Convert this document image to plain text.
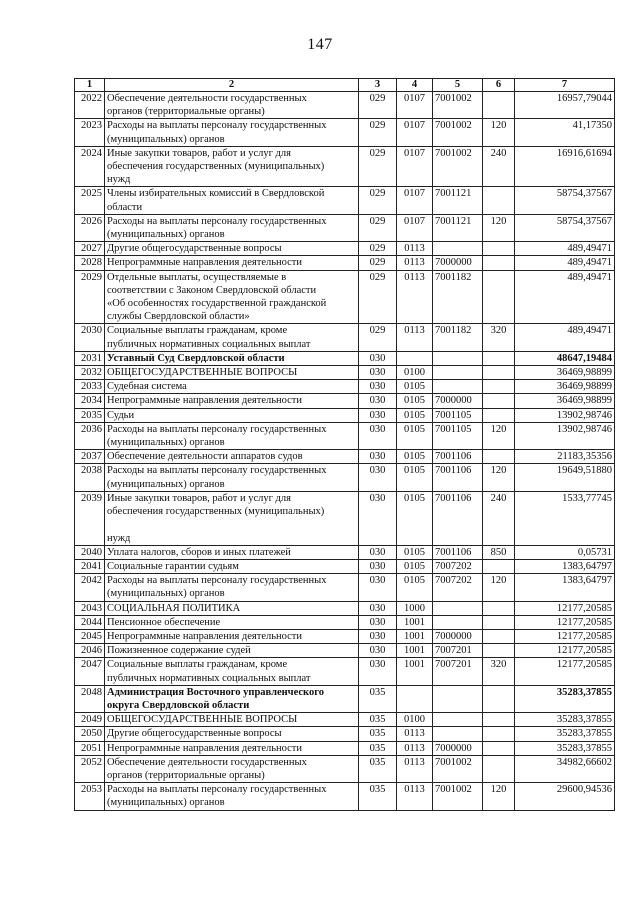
147
1	2	3	4	5	6	7
2022	Обеспечение деятельности государственных
органов (территориальные органы)	029	0107	7001002		16957,79044
2023	Расходы на выплаты персоналу государственных
(муниципальных) органов	029	0107	7001002	120	41,17350
2024	Иные закупки товаров, работ и услуг для
обеспечения государственных (муниципальных)
нужд	029	0107	7001002	240	16916,61694
2025	Члены избирательных комиссий в Свердловской
области	029	0107	7001121		58754,37567
2026	Расходы на выплаты персоналу государственных
(муниципальных) органов	029	0107	7001121	120	58754,37567
2027	Другие общегосударственные вопросы	029	0113			489,49471
2028	Непрограммные направления деятельности	029	0113	7000000		489,49471
2029	Отдельные выплаты, осуществляемые в
соответствии с Законом Свердловской области
«Об особенностях государственной гражданской
службы Свердловской области»	029	0113	7001182		489,49471
2030	Социальные выплаты гражданам, кроме
публичных нормативных социальных выплат	029	0113	7001182	320	489,49471
2031	Уставный Суд Свердловской области	030				48647,19484
2032	ОБЩЕГОСУДАРСТВЕННЫЕ ВОПРОСЫ	030	0100			36469,98899
2033	Судебная система	030	0105			36469,98899
2034	Непрограммные направления деятельности	030	0105	7000000		36469,98899
2035	Судьи	030	0105	7001105		13902,98746
2036	Расходы на выплаты персоналу государственных
(муниципальных) органов	030	0105	7001105	120	13902,98746
2037	Обеспечение деятельности аппаратов судов	030	0105	7001106		21183,35356
2038	Расходы на выплаты персоналу государственных
(муниципальных) органов	030	0105	7001106	120	19649,51880
2039	Иные закупки товаров, работ и услуг для
обеспечения государственных (муниципальных)

нужд	030	0105	7001106	240	1533,77745
2040	Уплата налогов, сборов и иных платежей	030	0105	7001106	850	0,05731
2041	Социальные гарантии судьям	030	0105	7007202		1383,64797
2042	Расходы на выплаты персоналу государственных
(муниципальных) органов	030	0105	7007202	120	1383,64797
2043	СОЦИАЛЬНАЯ ПОЛИТИКА	030	1000			12177,20585
2044	Пенсионное обеспечение	030	1001			12177,20585
2045	Непрограммные направления деятельности	030	1001	7000000		12177,20585
2046	Пожизненное содержание судей	030	1001	7007201		12177,20585
2047	Социальные выплаты гражданам, кроме
публичных нормативных социальных выплат	030	1001	7007201	320	12177,20585
2048	Администрация Восточного управленческого
округа Свердловской области	035				35283,37855
2049	ОБЩЕГОСУДАРСТВЕННЫЕ ВОПРОСЫ	035	0100			35283,37855
2050	Другие общегосударственные вопросы	035	0113			35283,37855
2051	Непрограммные направления деятельности	035	0113	7000000		35283,37855
2052	Обеспечение деятельности государственных
органов (территориальные органы)	035	0113	7001002		34982,66602
2053	Расходы на выплаты персоналу государственных
(муниципальных) органов	035	0113	7001002	120	29600,94536
